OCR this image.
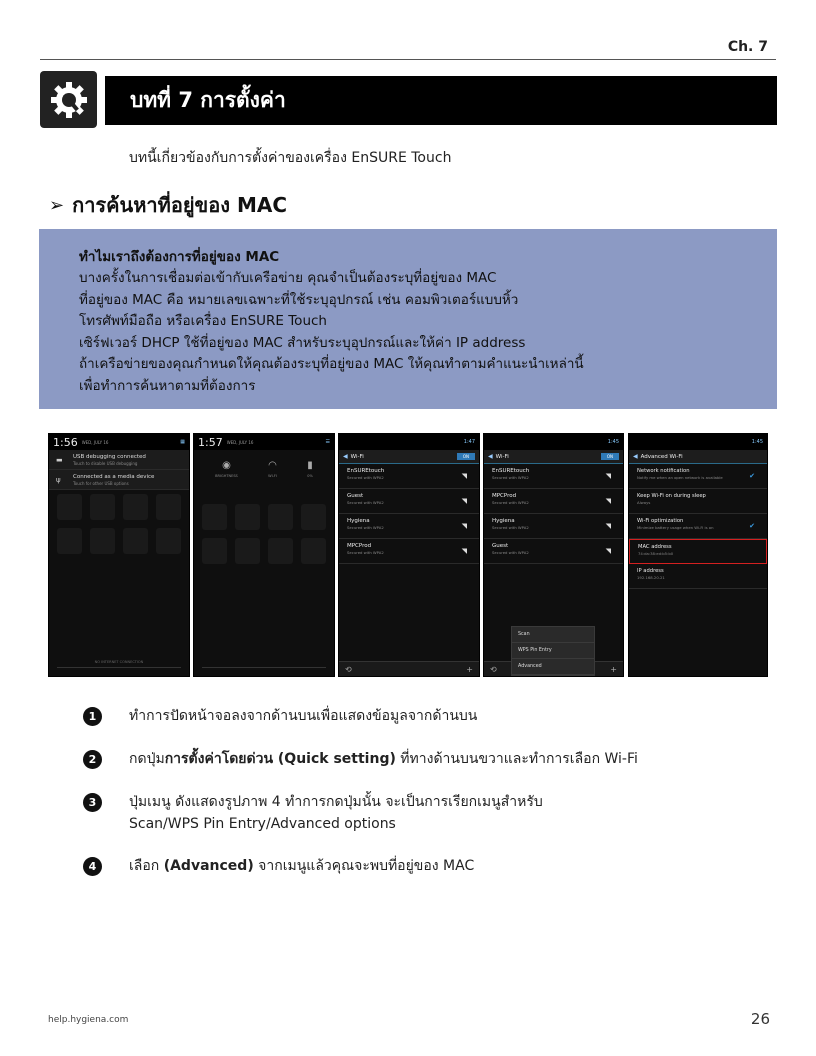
Ch. 7
บทที่ 7 การตั้งค่า
บทนี้เกี่ยวข้องกับการตั้งค่าของเครื่อง EnSURE Touch
➢ การค้นหาที่อยู่ของ MAC
ทำไมเราถึงต้องการที่อยู่ของ MAC
บางครั้งในการเชื่อมต่อเข้ากับเครือข่าย คุณจำเป็นต้องระบุที่อยู่ของ MAC
ที่อยู่ของ MAC คือ หมายเลขเฉพาะที่ใช้ระบุอุปกรณ์ เช่น คอมพิวเตอร์แบบหิ้ว
โทรศัพท์มือถือ หรือเครื่อง EnSURE Touch
เซิร์ฟเวอร์ DHCP ใช้ที่อยู่ของ MAC สำหรับระบุอุปกรณ์และให้ค่า IP address
ถ้าเครือข่ายของคุณกำหนดให้คุณต้องระบุที่อยู่ของ MAC ให้คุณทำตามคำแนะนำเหล่านี้
เพื่อทำการค้นหาตามที่ต้องการ
1:56 WED, JULY 16	▦
▬ USB debugging connected
Touch to disable USB debugging
ψ Connected as a media device
Touch for other USB options
NO INTERNET CONNECTION
1:57 WED, JULY 16	☰
◉
BRIGHTNESS
◠
WI-FI
▮
0%
1:47
◀ Wi-Fi	ON
EnSUREtouch
Secured with WPA2	◥
Guest
Secured with WPA2	◥
Hygiena
Secured with WPA2	◥
MPCProd
Secured with WPA2	◥
⟲	+
1:45
◀ Wi-Fi	ON
EnSUREtouch
Secured with WPA2	◥
MPCProd
Secured with WPA2	◥
Hygiena
Secured with WPA2	◥
Guest
Secured with WPA2	◥
⟲	+
Scan
WPS Pin Entry
Advanced
1:45
◀ Advanced Wi-Fi
Network notification
Notify me when an open network is available	✔
Keep Wi-Fi on during sleep
Always
Wi-Fi optimization
Minimize battery usage when Wi-Fi is on	✔
MAC address
74:da:38:ed:b5:b0
IP address
192.168.20.21
1	ทำการปัดหน้าจอลงจากด้านบนเพื่อแสดงข้อมูลจากด้านบน
2	กดปุ่มการตั้งค่าโดยด่วน (Quick setting) ที่ทางด้านบนขวาและทำการเลือก Wi-Fi
3	ปุ่มเมนู ดังแสดงรูปภาพ 4 ทำการกดปุ่มนั้น จะเป็นการเรียกเมนูสำหรับ
Scan/WPS Pin Entry/Advanced options
4	เลือก (Advanced) จากเมนูแล้วคุณจะพบที่อยู่ของ MAC
help.hygiena.com	26
